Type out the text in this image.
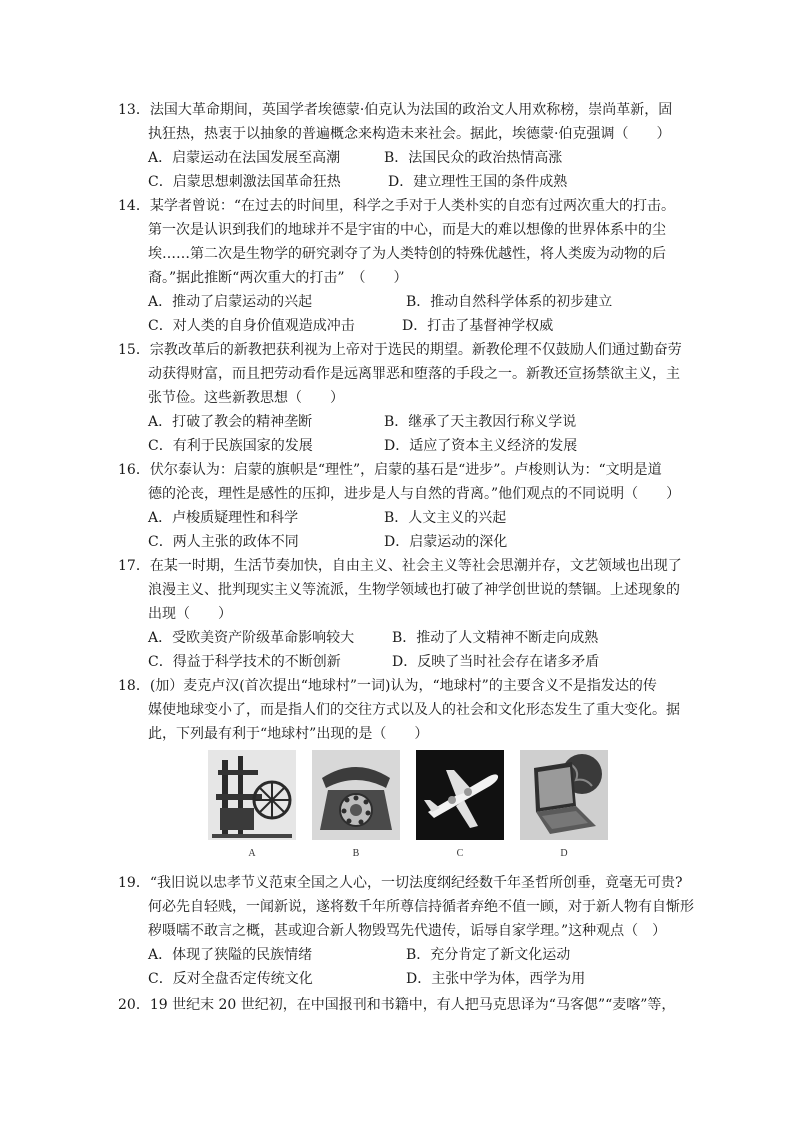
13．法国大革命期间，英国学者埃德蒙·伯克认为法国的政治文人用欢称榜，崇尚革新，固
执狂热，热衷于以抽象的普遍概念来构造未来社会。据此，埃德蒙·伯克强调（　　）
A．启蒙运动在法国发展至高潮	B．法国民众的政治热情高涨
C．启蒙思想刺激法国革命狂热	D．建立理性王国的条件成熟
14．某学者曾说：“在过去的时间里，科学之手对于人类朴实的自恋有过两次重大的打击。
第一次是认识到我们的地球并不是宇宙的中心，而是大的难以想像的世界体系中的尘
埃……第二次是生物学的研究剥夺了为人类特创的特殊优越性，将人类废为动物的后
裔。”据此推断“两次重大的打击”　（　　）
A．推动了启蒙运动的兴起	B．推动自然科学体系的初步建立
C．对人类的自身价值观造成冲击	D．打击了基督神学权威
15．宗教改革后的新教把获利视为上帝对于选民的期望。新教伦理不仅鼓励人们通过勤奋劳
动获得财富，而且把劳动看作是远离罪恶和堕落的手段之一。新教还宣扬禁欲主义，主
张节俭。这些新教思想（　　）
A．打破了教会的精神垄断	B．继承了天主教因行称义学说
C．有利于民族国家的发展	D．适应了资本主义经济的发展
16．伏尔泰认为：启蒙的旗帜是“理性”，启蒙的基石是“进步”。卢梭则认为：“文明是道
德的沦丧，理性是感性的压抑，进步是人与自然的背离。”他们观点的不同说明（　　）
A．卢梭质疑理性和科学	B．人文主义的兴起
C．两人主张的政体不同	D．启蒙运动的深化
17．在某一时期，生活节奏加快，自由主义、社会主义等社会思潮并存，文艺领域也出现了
浪漫主义、批判现实主义等流派，生物学领域也打破了神学创世说的禁锢。上述现象的
出现（　　）
A．受欧美资产阶级革命影响较大	B．推动了人文精神不断走向成熟
C．得益于科学技术的不断创新	D．反映了当时社会存在诸多矛盾
18．(加）麦克卢汉(首次提出“地球村”一词)认为，“地球村”的主要含义不是指发达的传
媒使地球变小了，而是指人们的交往方式以及人的社会和文化形态发生了重大变化。据
此，下列最有利于“地球村”出现的是（　　）
A	B	C	D
19．“我旧说以忠孝节义范束全国之人心，一切法度纲纪经数千年圣哲所创垂，竟毫无可贵?
何必先自轻贱，一闻新说，遂将数千年所尊信持循者弃绝不值一顾，对于新人物有自惭形
秽嗫嚅不敢言之概，甚或迎合新人物毁骂先代遗传，诟辱自家学理。”这种观点（　）
A．体现了狭隘的民族情绪	B．充分肯定了新文化运动
C．反对全盘否定传统文化	D．主张中学为体，西学为用
20．19 世纪末 20 世纪初，在中国报刊和书籍中，有人把马克思译为“马客偲”“麦喀”等，
